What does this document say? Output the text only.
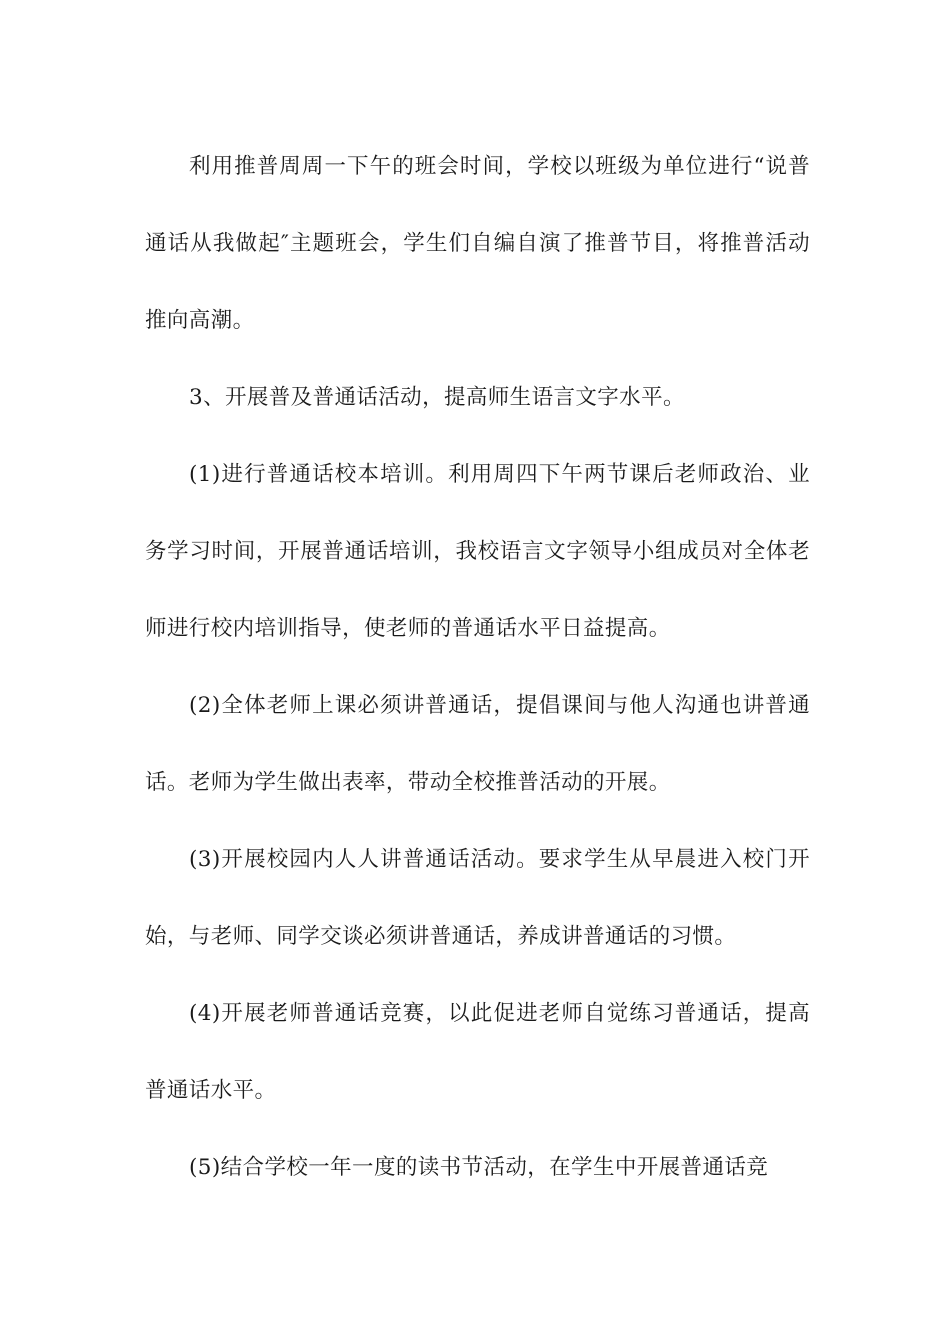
利用推普周周一下午的班会时间，学校以班级为单位进行“说普通话从我做起″主题班会，学生们自编自演了推普节目，将推普活动推向高潮。

3、开展普及普通话活动，提高师生语言文字水平。

(1)进行普通话校本培训。利用周四下午两节课后老师政治、业务学习时间，开展普通话培训，我校语言文字领导小组成员对全体老师进行校内培训指导，使老师的普通话水平日益提高。

(2)全体老师上课必须讲普通话，提倡课间与他人沟通也讲普通话。老师为学生做出表率，带动全校推普活动的开展。

(3)开展校园内人人讲普通话活动。要求学生从早晨进入校门开始，与老师、同学交谈必须讲普通话，养成讲普通话的习惯。

(4)开展老师普通话竞赛，以此促进老师自觉练习普通话，提高普通话水平。

(5)结合学校一年一度的读书节活动，在学生中开展普通话竞
